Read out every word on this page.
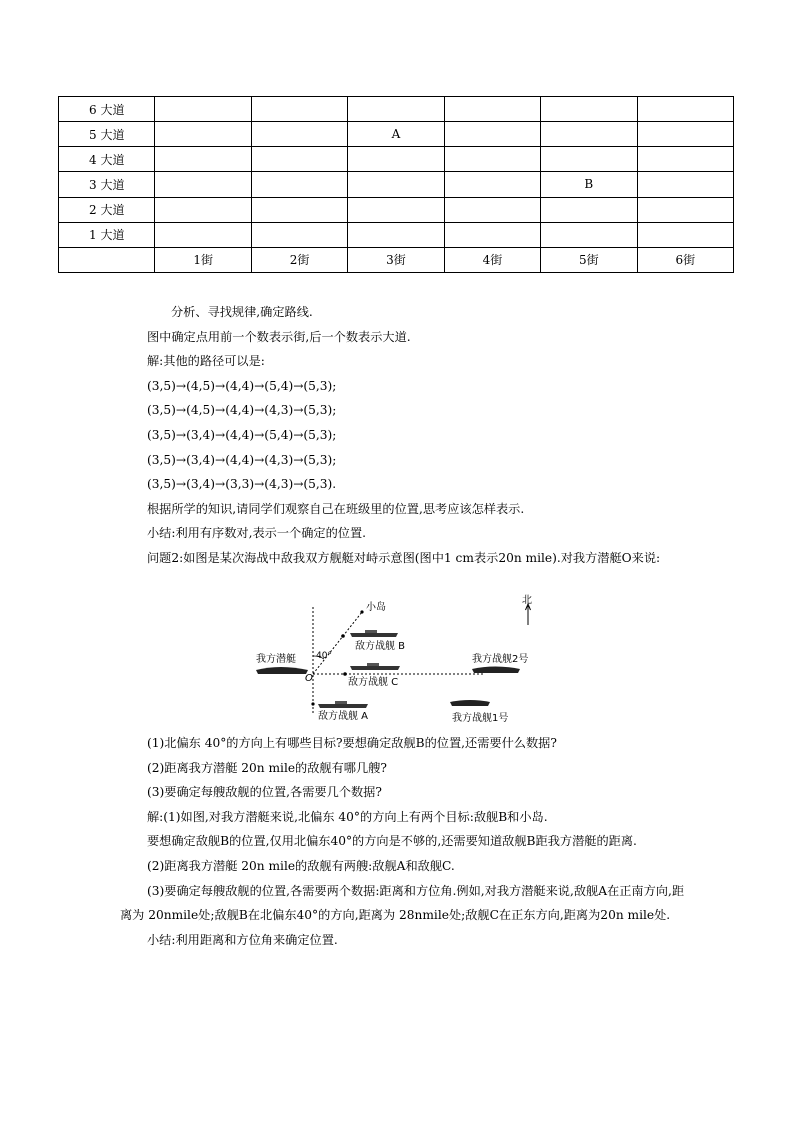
6 大道						
5 大道			A			
4 大道						
3 大道					B	
2 大道						
1 大道						
	1街	2街	3街	4街	5街	6街

分析、寻找规律,确定路线.

图中确定点用前一个数表示街,后一个数表示大道.

解:其他的路径可以是:

(3,5)→(4,5)→(4,4)→(5,4)→(5,3);

(3,5)→(4,5)→(4,4)→(4,3)→(5,3);

(3,5)→(3,4)→(4,4)→(5,4)→(5,3);

(3,5)→(3,4)→(4,4)→(4,3)→(5,3);

(3,5)→(3,4)→(3,3)→(4,3)→(5,3).

根据所学的知识,请同学们观察自己在班级里的位置,思考应该怎样表示.

小结:利用有序数对,表示一个确定的位置.

问题2:如图是某次海战中敌我双方舰艇对峙示意图(图中1 cm表示20n mile).对我方潜艇O来说:

小岛
北
我方潜艇
O
40°
敌方战舰 B
敌方战舰 C
敌方战舰 A
我方战舰2号
我方战舰1号

(1)北偏东 40°的方向上有哪些目标?要想确定敌舰B的位置,还需要什么数据?

(2)距离我方潜艇 20n mile的敌舰有哪几艘?

(3)要确定每艘敌舰的位置,各需要几个数据?

解:(1)如图,对我方潜艇来说,北偏东 40°的方向上有两个目标:敌舰B和小岛.

要想确定敌舰B的位置,仅用北偏东40°的方向是不够的,还需要知道敌舰B距我方潜艇的距离.

(2)距离我方潜艇 20n mile的敌舰有两艘:敌舰A和敌舰C.

(3)要确定每艘敌舰的位置,各需要两个数据:距离和方位角.例如,对我方潜艇来说,敌舰A在正南方向,距离为 20nmile处;敌舰B在北偏东40°的方向,距离为 28nmile处;敌舰C在正东方向,距离为20n mile处.

小结:利用距离和方位角来确定位置.
